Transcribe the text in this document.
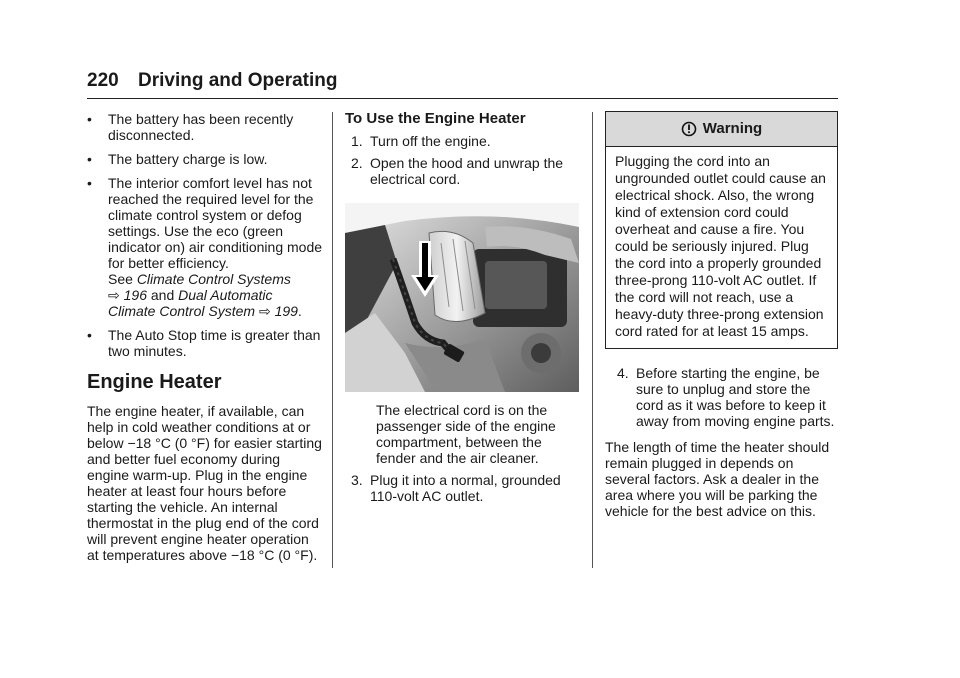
220 Driving and Operating
•	The battery has been recently disconnected.
•	The battery charge is low.
•	The interior comfort level has not reached the required level for the climate control system or defog settings. Use the eco (green indicator on) air conditioning mode for better efficiency.
See Climate Control Systems
⇨ 196 and Dual Automatic Climate Control System ⇨ 199.
•	The Auto Stop time is greater than two minutes.
Engine Heater

The engine heater, if available, can help in cold weather conditions at or below −18 °C (0 °F) for easier starting and better fuel economy during engine warm-up. Plug in the engine heater at least four hours before starting the vehicle. An internal thermostat in the plug end of the cord will prevent engine heater operation at temperatures above −18 °C (0 °F).

To Use the Engine Heater
1. Turn off the engine.
2. Open the hood and unwrap the electrical cord.
The electrical cord is on the passenger side of the engine compartment, between the fender and the air cleaner.
3. Plug it into a normal, grounded 110-volt AC outlet.
Warning
Plugging the cord into an ungrounded outlet could cause an electrical shock. Also, the wrong kind of extension cord could overheat and cause a fire. You could be seriously injured. Plug the cord into a properly grounded three-prong 110-volt AC outlet. If the cord will not reach, use a heavy-duty three-prong extension cord rated for at least 15 amps.
4. Before starting the engine, be sure to unplug and store the cord as it was before to keep it away from moving engine parts.

The length of time the heater should remain plugged in depends on several factors. Ask a dealer in the area where you will be parking the vehicle for the best advice on this.
